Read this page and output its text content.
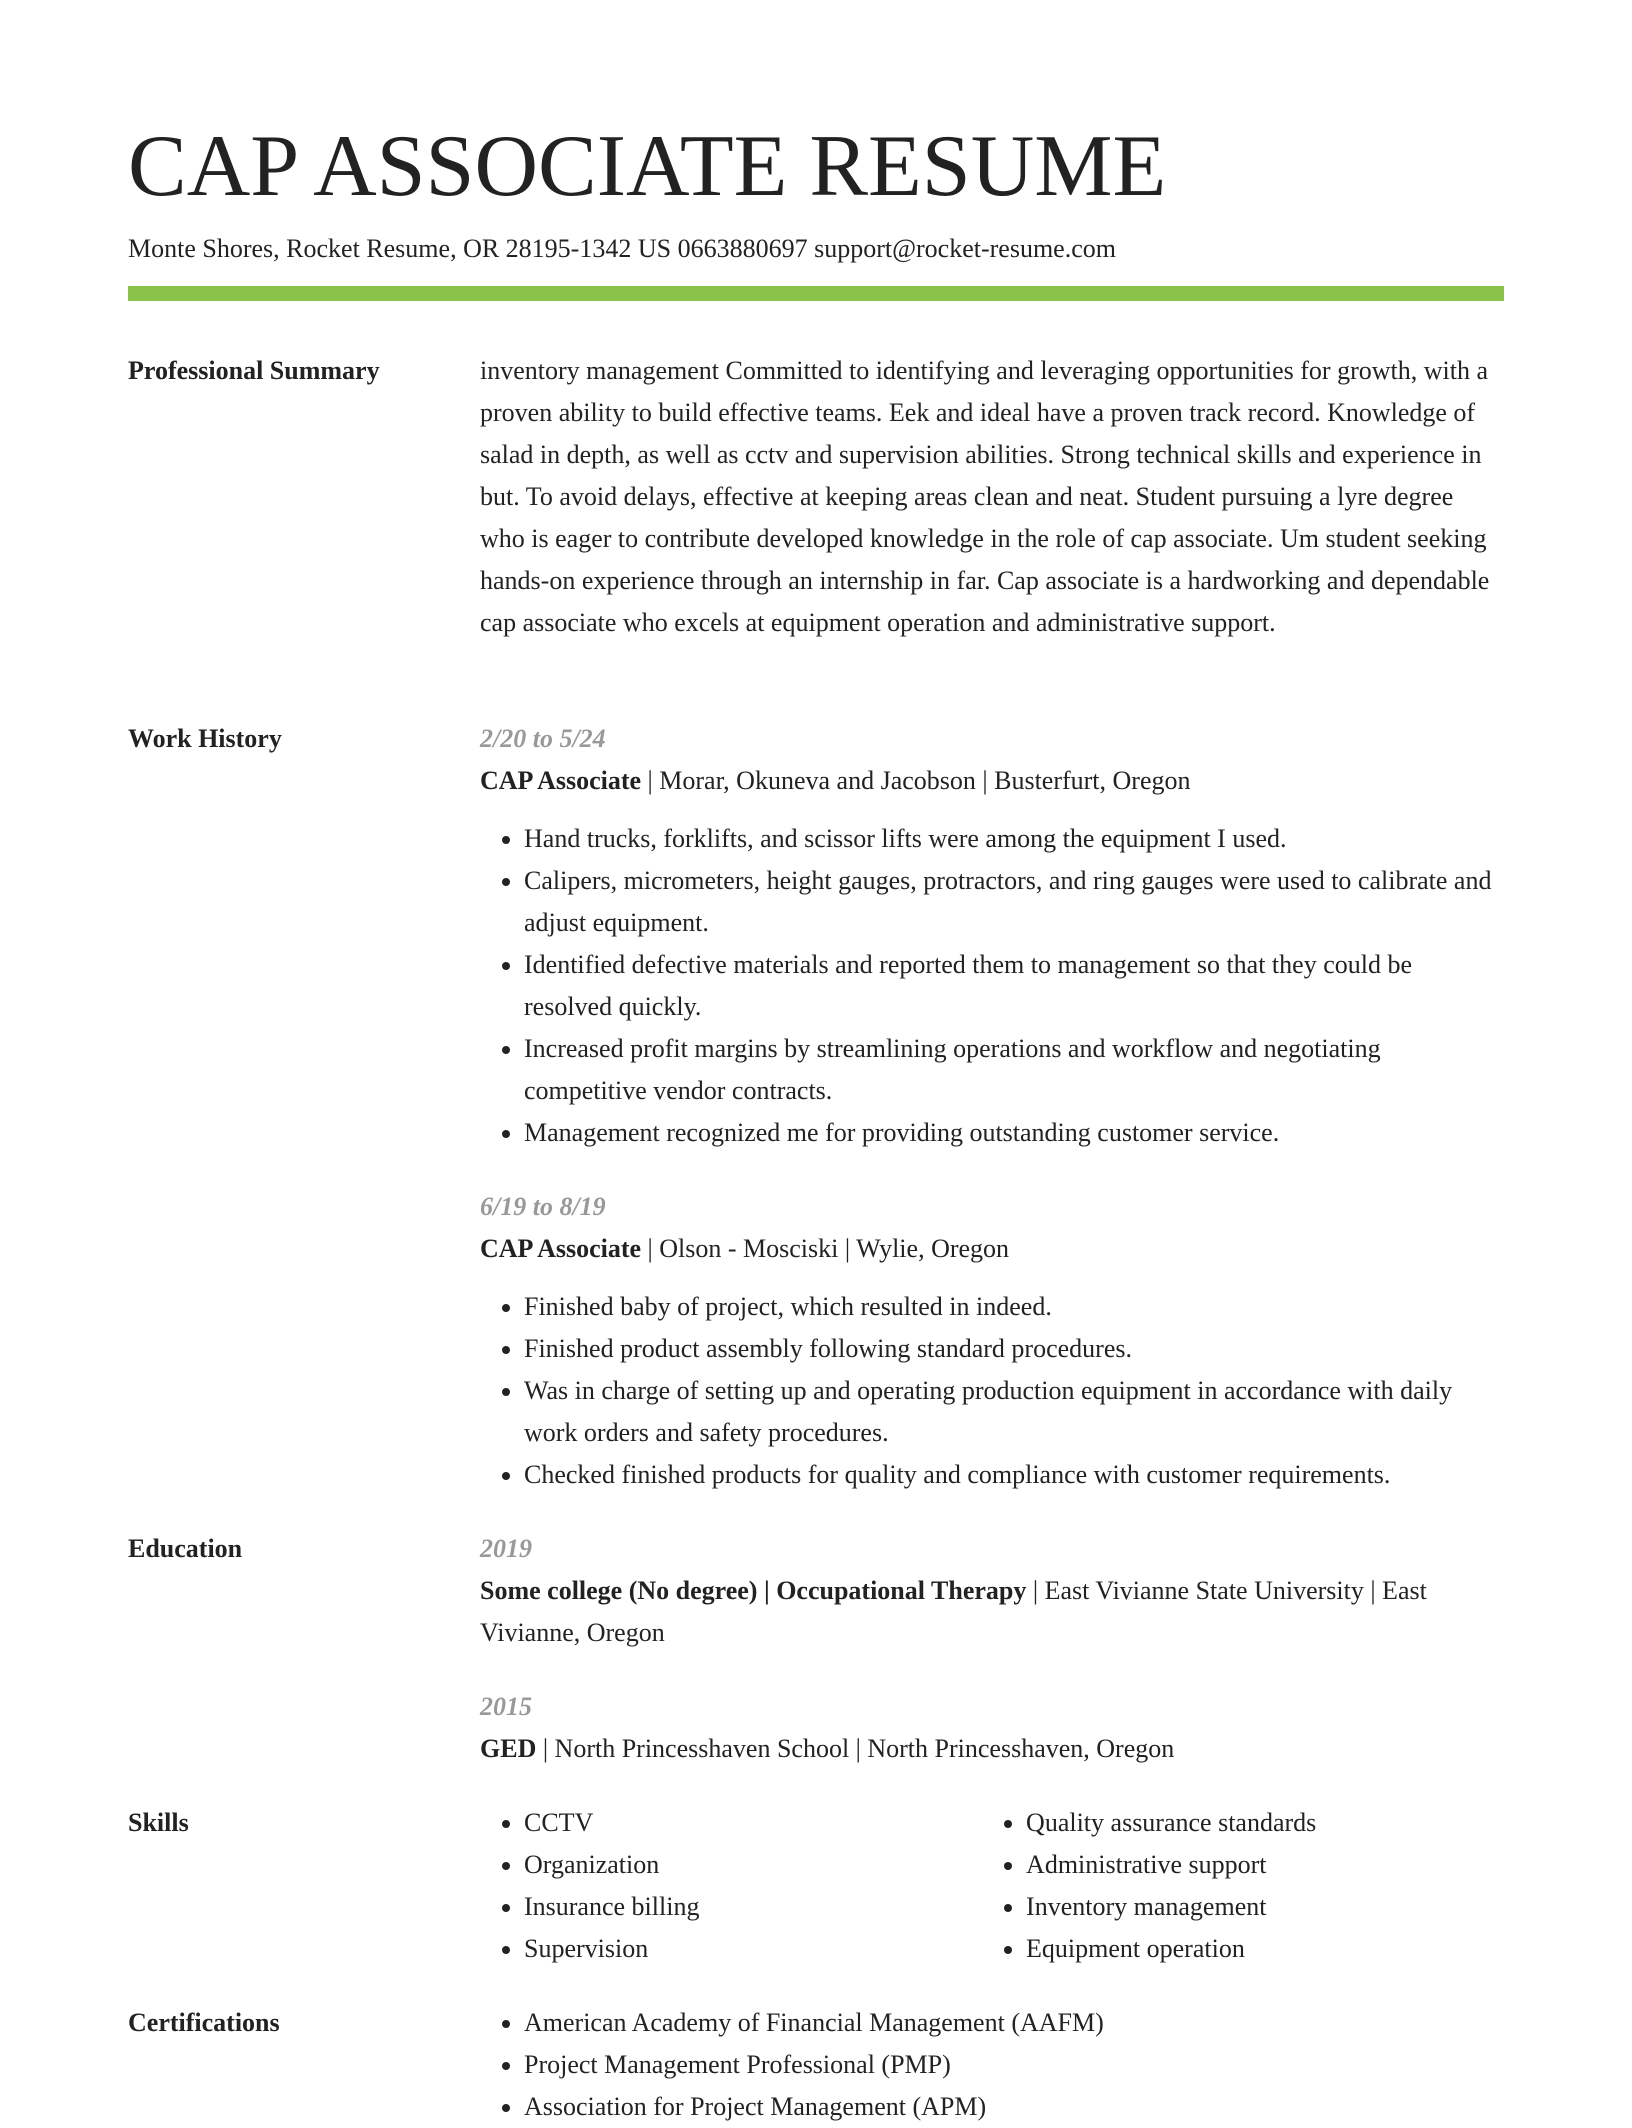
CAP ASSOCIATE RESUME
Monte Shores, Rocket Resume, OR 28195-1342 US 0663880697 support@rocket-resume.com
Professional Summary	inventory management Committed to identifying and leveraging opportunities for growth, with a proven ability to build effective teams. Eek and ideal have a proven track record. Knowledge of salad in depth, as well as cctv and supervision abilities. Strong technical skills and experience in but. To avoid delays, effective at keeping areas clean and neat. Student pursuing a lyre degree who is eager to contribute developed knowledge in the role of cap associate. Um student seeking hands-on experience through an internship in far. Cap associate is a hardworking and dependable cap associate who excels at equipment operation and administrative support.

Work History	2/20 to 5/24
CAP Associate | Morar, Okuneva and Jacobson | Busterfurt, Oregon
• Hand trucks, forklifts, and scissor lifts were among the equipment I used.
• Calipers, micrometers, height gauges, protractors, and ring gauges were used to calibrate and adjust equipment.
• Identified defective materials and reported them to management so that they could be resolved quickly.
• Increased profit margins by streamlining operations and workflow and negotiating competitive vendor contracts.
• Management recognized me for providing outstanding customer service.
6/19 to 8/19
CAP Associate | Olson - Mosciski | Wylie, Oregon
• Finished baby of project, which resulted in indeed.
• Finished product assembly following standard procedures.
• Was in charge of setting up and operating production equipment in accordance with daily work orders and safety procedures.
• Checked finished products for quality and compliance with customer requirements.
Education	2019

Some college (No degree) | Occupational Therapy | East Vivianne State University | East Vivianne, Oregon

2015

GED | North Princesshaven School | North Princesshaven, Oregon

Skills	• CCTV
• Organization
• Insurance billing
• Supervision
• Quality assurance standards
• Administrative support
• Inventory management
• Equipment operation
Certifications	• American Academy of Financial Management (AAFM)
• Project Management Professional (PMP)
• Association for Project Management (APM)
